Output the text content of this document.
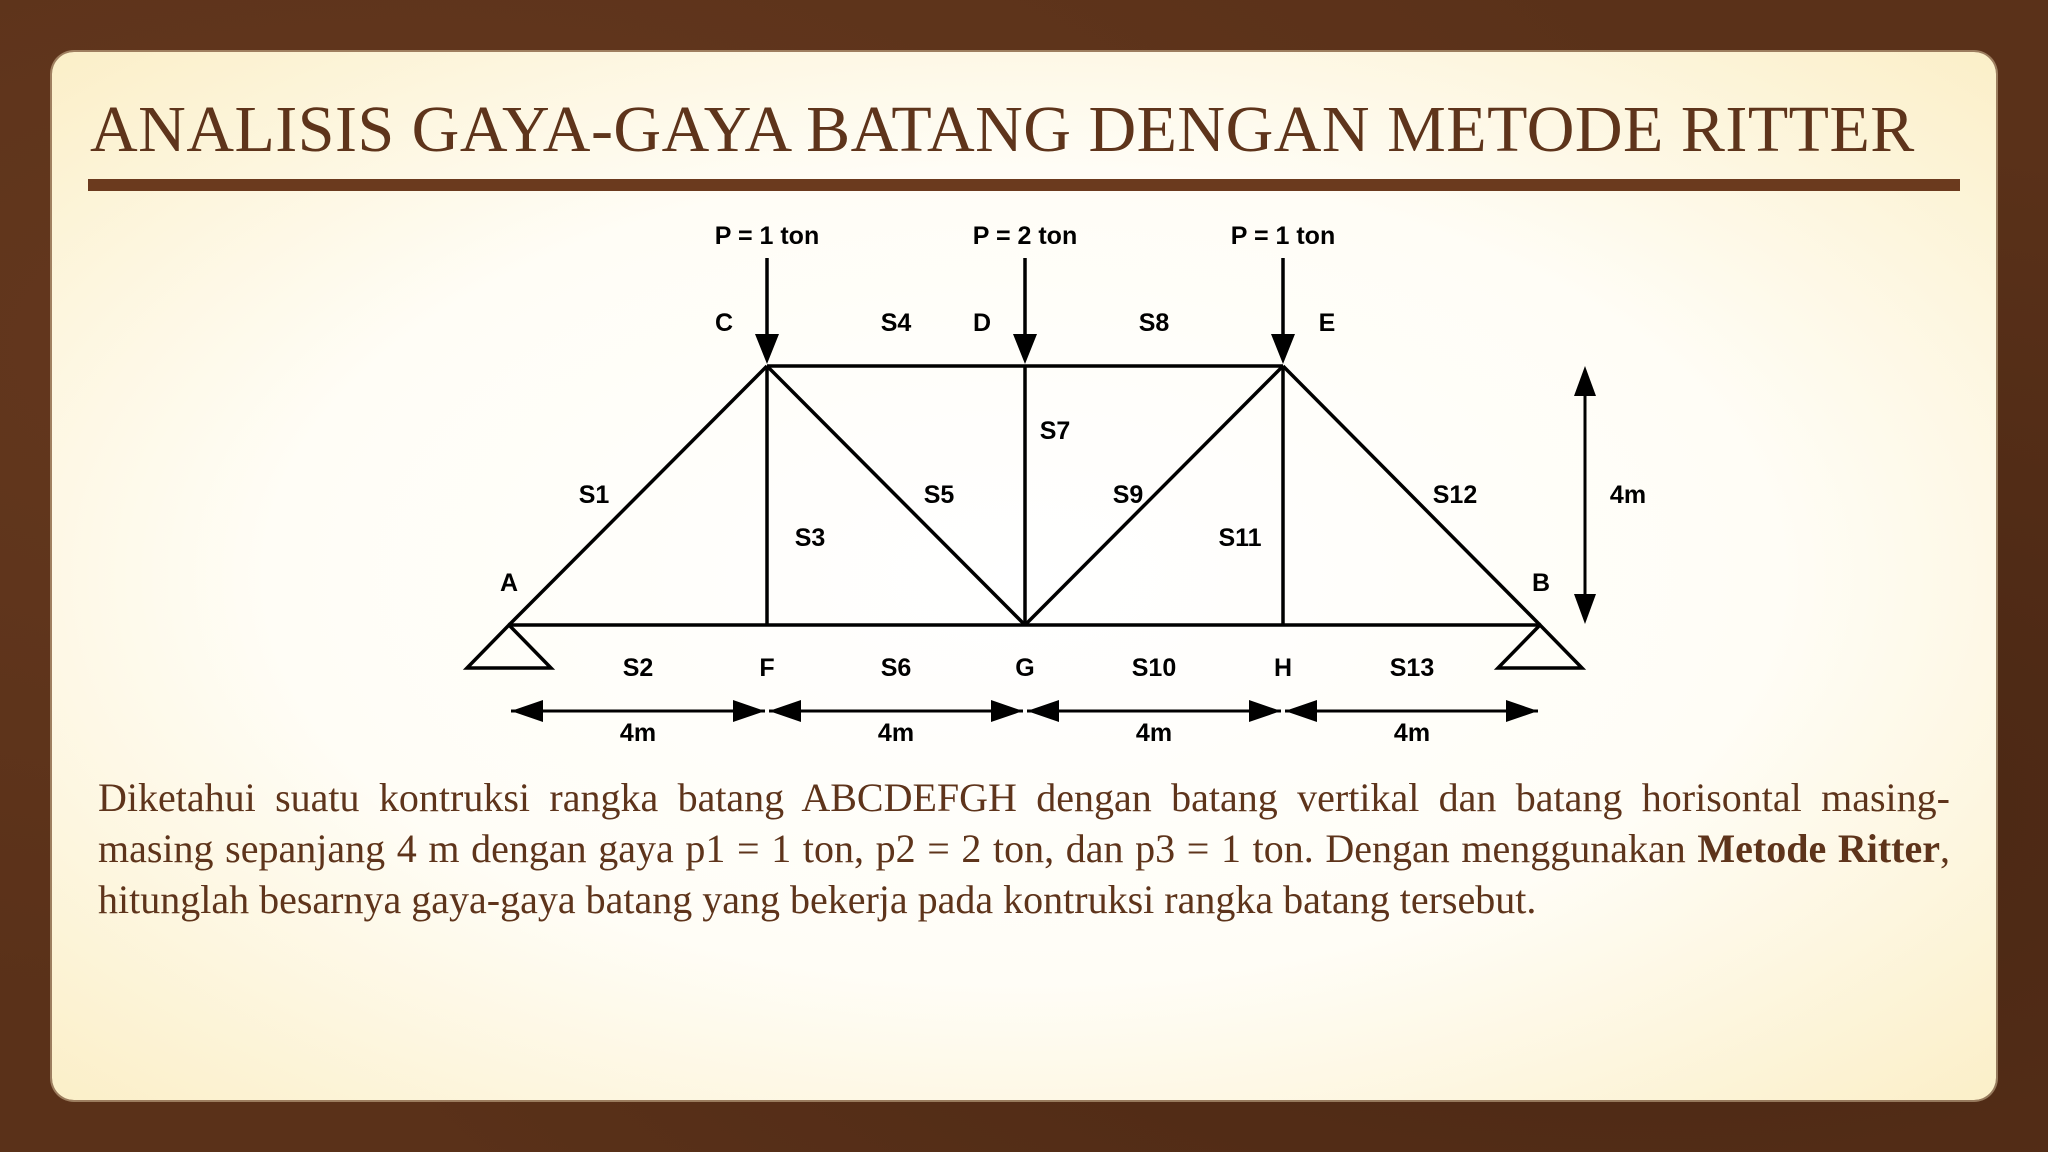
ANALISIS GAYA-GAYA BATANG DENGAN METODE RITTER
P = 1 ton	P = 2 ton	P = 1 ton
C	D	E
A	B
F	G	H
S1
S2
S3
S4
S5
S6
S7
S8
S9
S10
S11
S12
S13
4m	4m	4m	4m
4m

Diketahui suatu kontruksi rangka batang ABCDEFGH dengan batang vertikal dan batang horisontal masing-masing sepanjang 4 m dengan gaya p1 = 1 ton, p2 = 2 ton, dan p3 = 1 ton. Dengan menggunakan Metode Ritter, hitunglah besarnya gaya-gaya batang yang bekerja pada kontruksi rangka batang tersebut.
